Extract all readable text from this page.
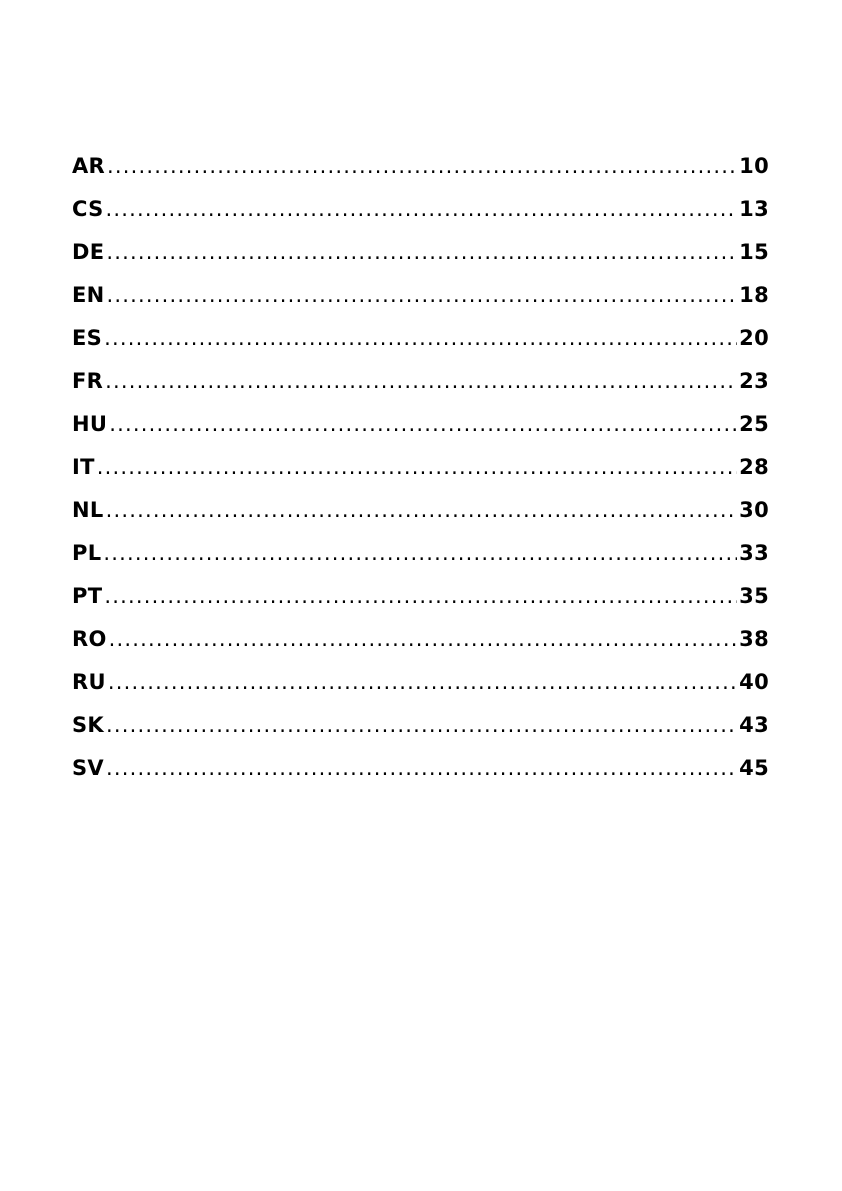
AR .....	10
CS .....	13
DE .....	15
EN .....	18
ES .....	20
FR .....	23
HU .....	25
IT .....	28
NL .....	30
PL .....	33
PT .....	35
RO .....	38
RU .....	40
SK .....	43
SV .....	45
